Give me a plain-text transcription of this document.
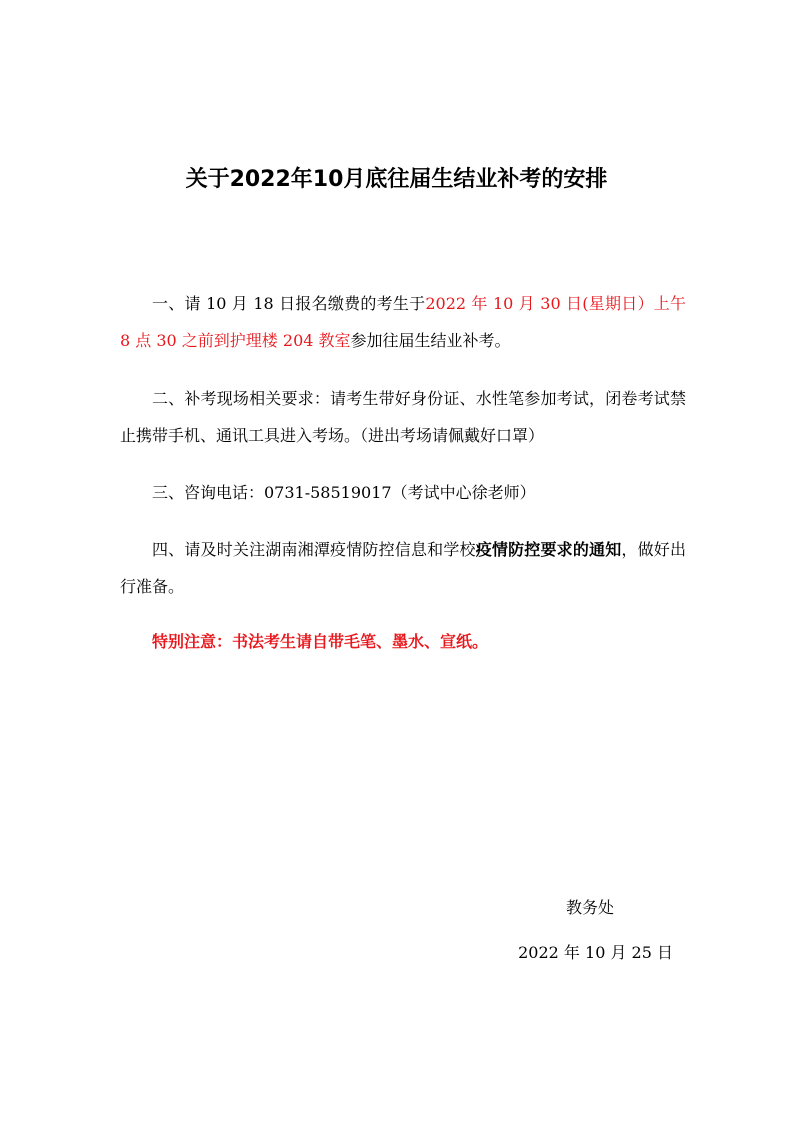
关于2022年10月底往届生结业补考的安排

一、请 10 月 18 日报名缴费的考生于2022 年 10 月 30 日(星期日）上午 8 点 30 之前到护理楼 204 教室参加往届生结业补考。

二、补考现场相关要求：请考生带好身份证、水性笔参加考试，闭卷考试禁止携带手机、通讯工具进入考场。（进出考场请佩戴好口罩）

三、咨询电话：0731-58519017（考试中心徐老师）

四、请及时关注湖南湘潭疫情防控信息和学校疫情防控要求的通知，做好出行准备。

特别注意：书法考生请自带毛笔、墨水、宣纸。

教务处
2022 年 10 月 25 日
